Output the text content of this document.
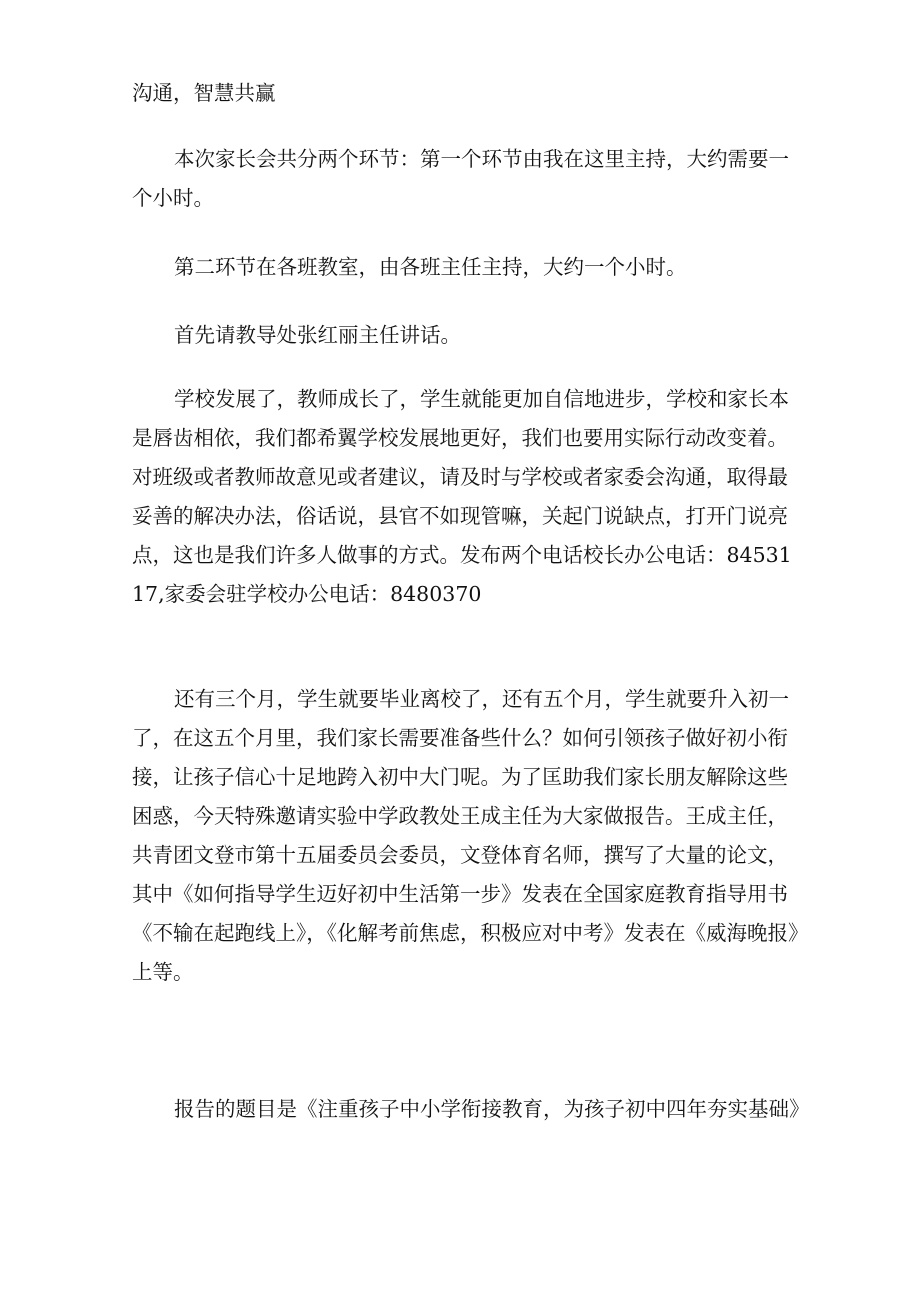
沟通，智慧共赢

本次家长会共分两个环节：第一个环节由我在这里主持，大约需要一个小时。

第二环节在各班教室，由各班主任主持，大约一个小时。

首先请教导处张红丽主任讲话。

学校发展了，教师成长了，学生就能更加自信地进步，学校和家长本是唇齿相依，我们都希翼学校发展地更好，我们也要用实际行动改变着。对班级或者教师故意见或者建议，请及时与学校或者家委会沟通，取得最妥善的解决办法，俗话说，县官不如现管嘛，关起门说缺点，打开门说亮点，这也是我们许多人做事的方式。发布两个电话校长办公电话：8453117,家委会驻学校办公电话：8480370

还有三个月，学生就要毕业离校了，还有五个月，学生就要升入初一了，在这五个月里，我们家长需要准备些什么？如何引领孩子做好初小衔接，让孩子信心十足地跨入初中大门呢。为了匡助我们家长朋友解除这些困惑，今天特殊邀请实验中学政教处王成主任为大家做报告。王成主任，共青团文登市第十五届委员会委员，文登体育名师，撰写了大量的论文，其中《如何指导学生迈好初中生活第一步》发表在全国家庭教育指导用书《不输在起跑线上》，《化解考前焦虑，积极应对中考》发表在《威海晚报》上等。

报告的题目是《注重孩子中小学衔接教育，为孩子初中四年夯实基础》
